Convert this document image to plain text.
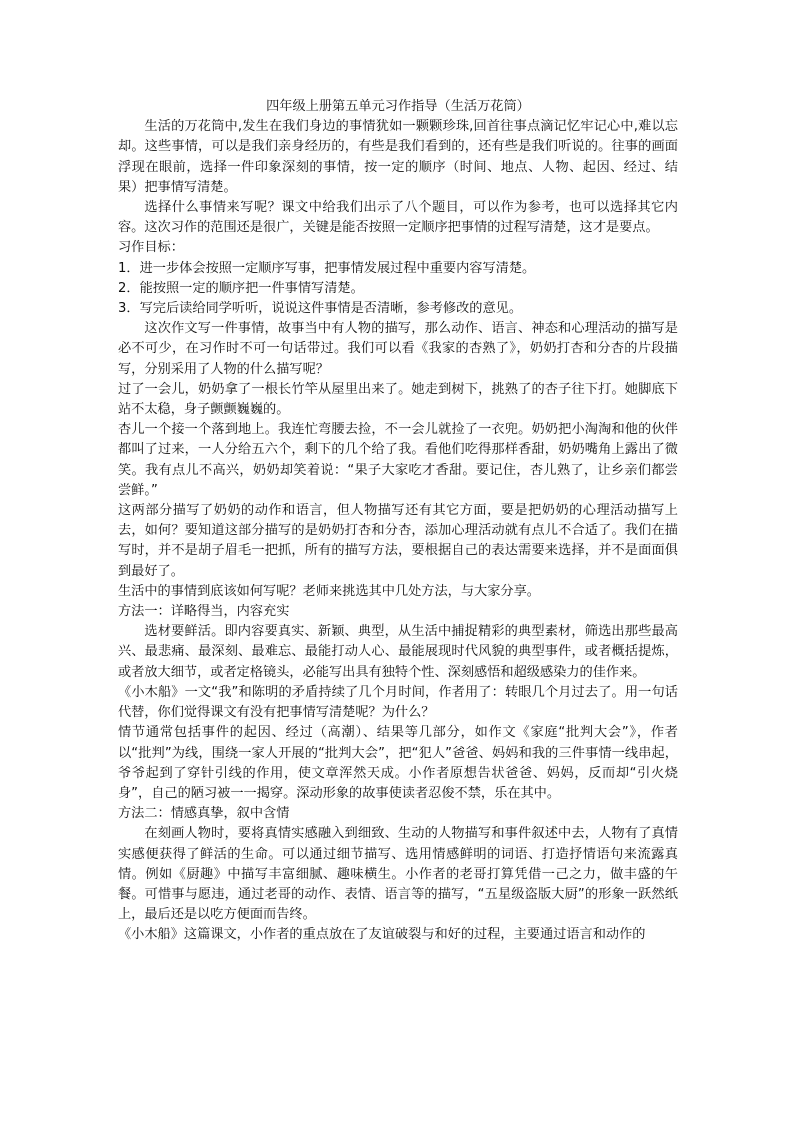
四年级上册第五单元习作指导（生活万花筒）

生活的万花筒中,发生在我们身边的事情犹如一颗颗珍珠,回首往事点滴记忆牢记心中,难以忘却。这些事情，可以是我们亲身经历的，有些是我们看到的，还有些是我们听说的。往事的画面浮现在眼前，选择一件印象深刻的事情，按一定的顺序（时间、地点、人物、起因、经过、结果）把事情写清楚。

选择什么事情来写呢？课文中给我们出示了八个题目，可以作为参考，也可以选择其它内容。这次习作的范围还是很广，关键是能否按照一定顺序把事情的过程写清楚，这才是要点。

习作目标：

1．进一步体会按照一定顺序写事，把事情发展过程中重要内容写清楚。
2．能按照一定的顺序把一件事情写清楚。
3．写完后读给同学听听，说说这件事情是否清晰，参考修改的意见。

这次作文写一件事情，故事当中有人物的描写，那么动作、语言、神态和心理活动的描写是必不可少，在习作时不可一句话带过。我们可以看《我家的杏熟了》，奶奶打杏和分杏的片段描写，分别采用了人物的什么描写呢？

过了一会儿，奶奶拿了一根长竹竿从屋里出来了。她走到树下，挑熟了的杏子往下打。她脚底下站不太稳，身子颤颤巍巍的。

杏儿一个接一个落到地上。我连忙弯腰去捡，不一会儿就捡了一衣兜。奶奶把小淘淘和他的伙伴都叫了过来，一人分给五六个，剩下的几个给了我。看他们吃得那样香甜，奶奶嘴角上露出了微笑。我有点儿不高兴，奶奶却笑着说：“果子大家吃才香甜。要记住，杏儿熟了，让乡亲们都尝尝鲜。”

这两部分描写了奶奶的动作和语言，但人物描写还有其它方面，要是把奶奶的心理活动描写上去，如何？要知道这部分描写的是奶奶打杏和分杏，添加心理活动就有点儿不合适了。我们在描写时，并不是胡子眉毛一把抓，所有的描写方法，要根据自己的表达需要来选择，并不是面面俱到最好了。

生活中的事情到底该如何写呢？老师来挑选其中几处方法，与大家分享。

方法一：详略得当，内容充实

选材要鲜活。即内容要真实、新颖、典型，从生活中捕捉精彩的典型素材，筛选出那些最高兴、最悲痛、最深刻、最难忘、最能打动人心、最能展现时代风貌的典型事件，或者概括提炼，或者放大细节，或者定格镜头，必能写出具有独特个性、深刻感悟和超级感染力的佳作来。

《小木船》一文“我”和陈明的矛盾持续了几个月时间，作者用了：转眼几个月过去了。用一句话代替，你们觉得课文有没有把事情写清楚呢？为什么？

情节通常包括事件的起因、经过（高潮）、结果等几部分，如作文《家庭“批判大会”》，作者以“批判”为线，围绕一家人开展的“批判大会”，把“犯人”爸爸、妈妈和我的三件事情一线串起，爷爷起到了穿针引线的作用，使文章浑然天成。小作者原想告状爸爸、妈妈，反而却“引火烧身”，自己的陋习被一一揭穿。深动形象的故事使读者忍俊不禁，乐在其中。

方法二：情感真挚，叙中含情

在刻画人物时，要将真情实感融入到细致、生动的人物描写和事件叙述中去，人物有了真情实感便获得了鲜活的生命。可以通过细节描写、选用情感鲜明的词语、打造抒情语句来流露真情。例如《厨趣》中描写丰富细腻、趣味横生。小作者的老哥打算凭借一己之力，做丰盛的午餐。可惜事与愿违，通过老哥的动作、表情、语言等的描写，“五星级盗版大厨”的形象一跃然纸上，最后还是以吃方便面而告终。

《小木船》这篇课文，小作者的重点放在了友谊破裂与和好的过程，主要通过语言和动作的
